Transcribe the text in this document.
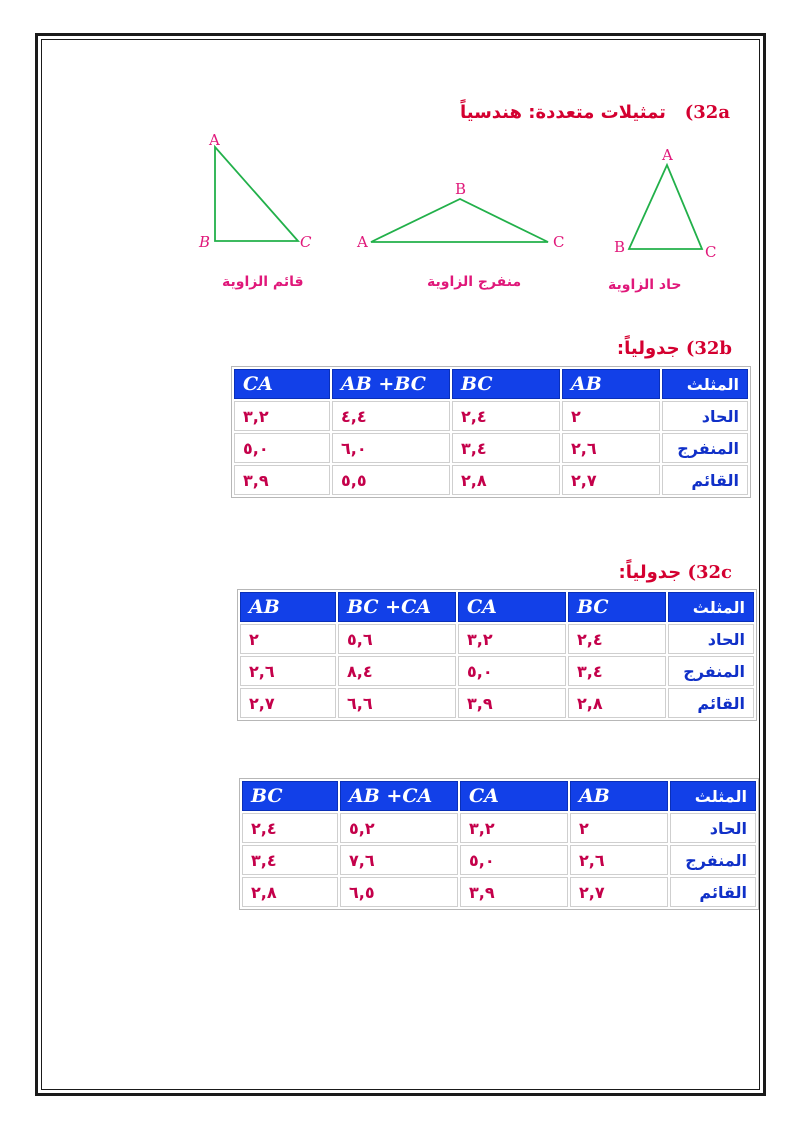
32a)   تمثيلات متعددة: هندسياً
A
B	C	A
B
C
A
B	C
قائم الزاوية	منفرج الزاوية	حاد الزاوية
32b) جدولياً:
المثلث	AB	BC	AB +BC	CA
الحاد	٢	٢,٤	٤,٤	٣,٢
المنفرج	٢,٦	٣,٤	٦,٠	٥,٠
القائم	٢,٧	٢,٨	٥,٥	٣,٩
32c) جدولياً:
المثلث	BC	CA	BC +CA	AB
الحاد	٢,٤	٣,٢	٥,٦	٢
المنفرج	٣,٤	٥,٠	٨,٤	٢,٦
القائم	٢,٨	٣,٩	٦,٦	٢,٧
المثلث	AB	CA	AB +CA	BC
الحاد	٢	٣,٢	٥,٢	٢,٤
المنفرج	٢,٦	٥,٠	٧,٦	٣,٤
القائم	٢,٧	٣,٩	٦,٥	٢,٨
